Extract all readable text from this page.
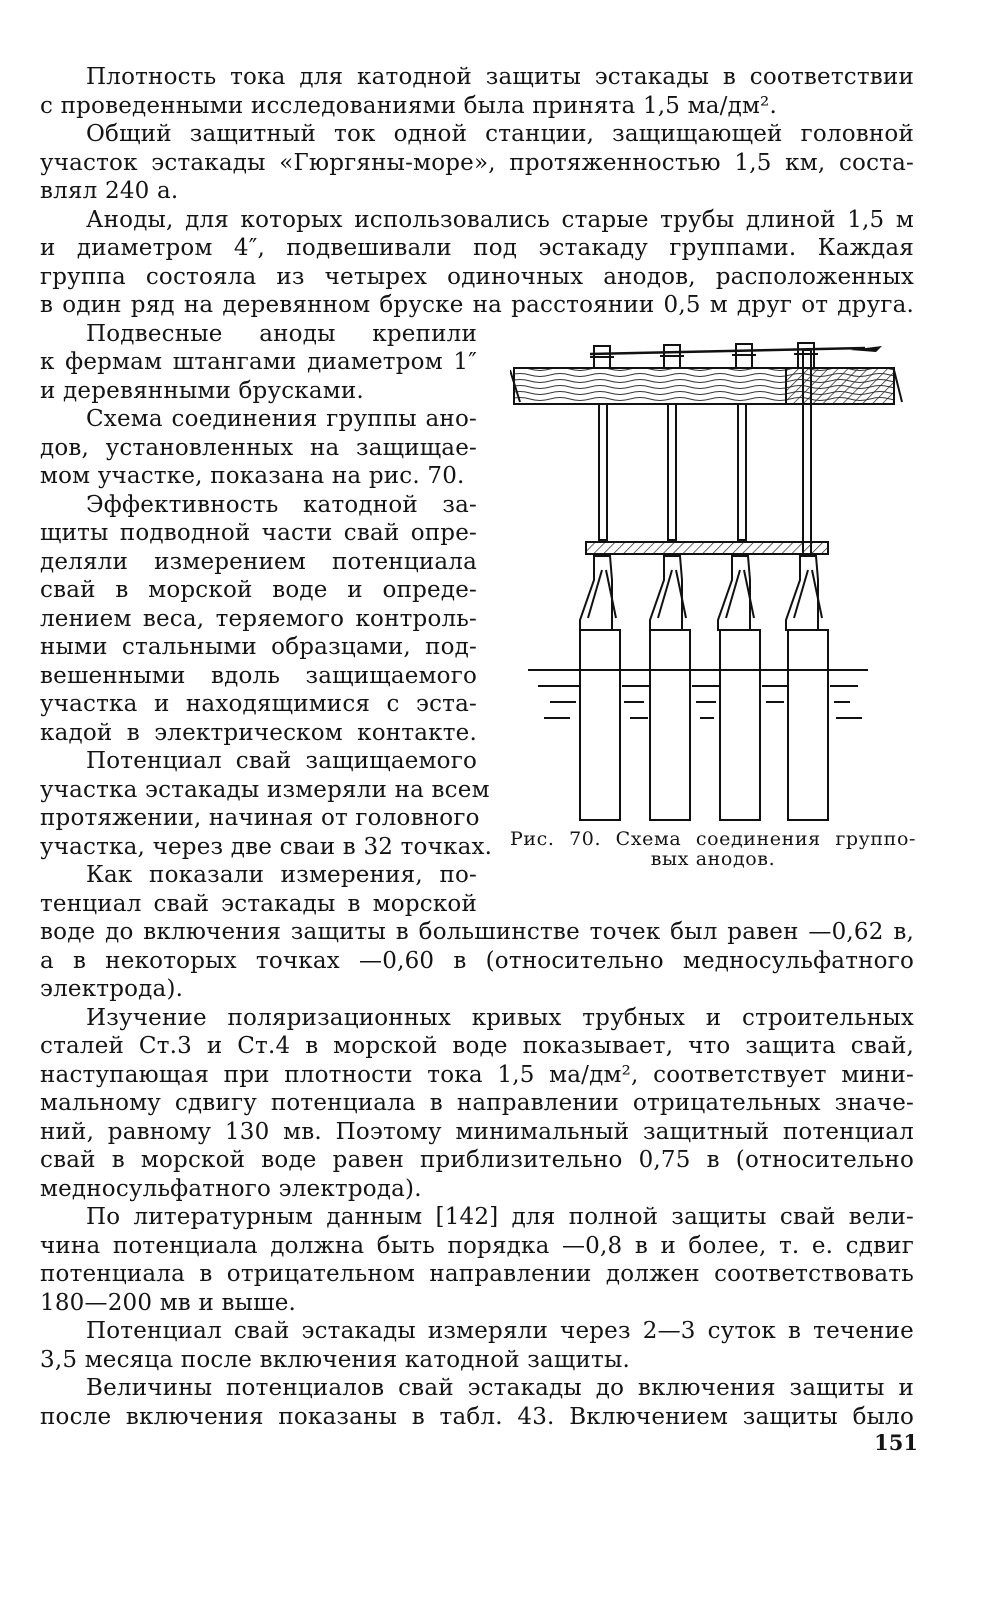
Плотность тока для катодной защиты эстакады в соответствии
с проведенными исследованиями была принята 1,5 ма/дм².
Общий защитный ток одной станции, защищающей головной
участок эстакады «Гюргяны-море», протяженностью 1,5 км, соста-
влял 240 а.
Аноды, для которых использовались старые трубы длиной 1,5 м
и диаметром 4″, подвешивали под эстакаду группами. Каждая
группа состояла из четырех одиночных анодов, расположенных
в один ряд на деревянном бруске на расстоянии 0,5 м друг от друга.
Подвесные аноды крепили
к фермам штангами диаметром 1″
и деревянными брусками.
Схема соединения группы ано-
дов, установленных на защищае-
мом участке, показана на рис. 70.
Эффективность катодной за-
щиты подводной части свай опре-
деляли измерением потенциала
свай в морской воде и опреде-
лением веса, теряемого контроль-
ными стальными образцами, под-
вешенными вдоль защищаемого
участка и находящимися с эста-
кадой в электрическом контакте.
Потенциал свай защищаемого
участка эстакады измеряли на всем
протяжении, начиная от головного
участка, через две сваи в 32 точках.
Как показали измерения, по-
тенциал свай эстакады в морской
воде до включения защиты в большинстве точек был равен —0,62 в,
а в некоторых точках —0,60 в (относительно медносульфатного
электрода).
Изучение поляризационных кривых трубных и строительных
сталей Ст.3 и Ст.4 в морской воде показывает, что защита свай,
наступающая при плотности тока 1,5 ма/дм², соответствует мини-
мальному сдвигу потенциала в направлении отрицательных значе-
ний, равному 130 мв. Поэтому минимальный защитный потенциал
свай в морской воде равен приблизительно 0,75 в (относительно
медносульфатного электрода).
По литературным данным [142] для полной защиты свай вели-
чина потенциала должна быть порядка —0,8 в и более, т. е. сдвиг
потенциала в отрицательном направлении должен соответствовать
180—200 мв и выше.
Потенциал свай эстакады измеряли через 2—3 суток в течение
3,5 месяца после включения катодной защиты.
Величины потенциалов свай эстакады до включения защиты и
после включения показаны в табл. 43. Включением защиты было
Рис. 70. Схема соединения группо-
вых анодов.
151
